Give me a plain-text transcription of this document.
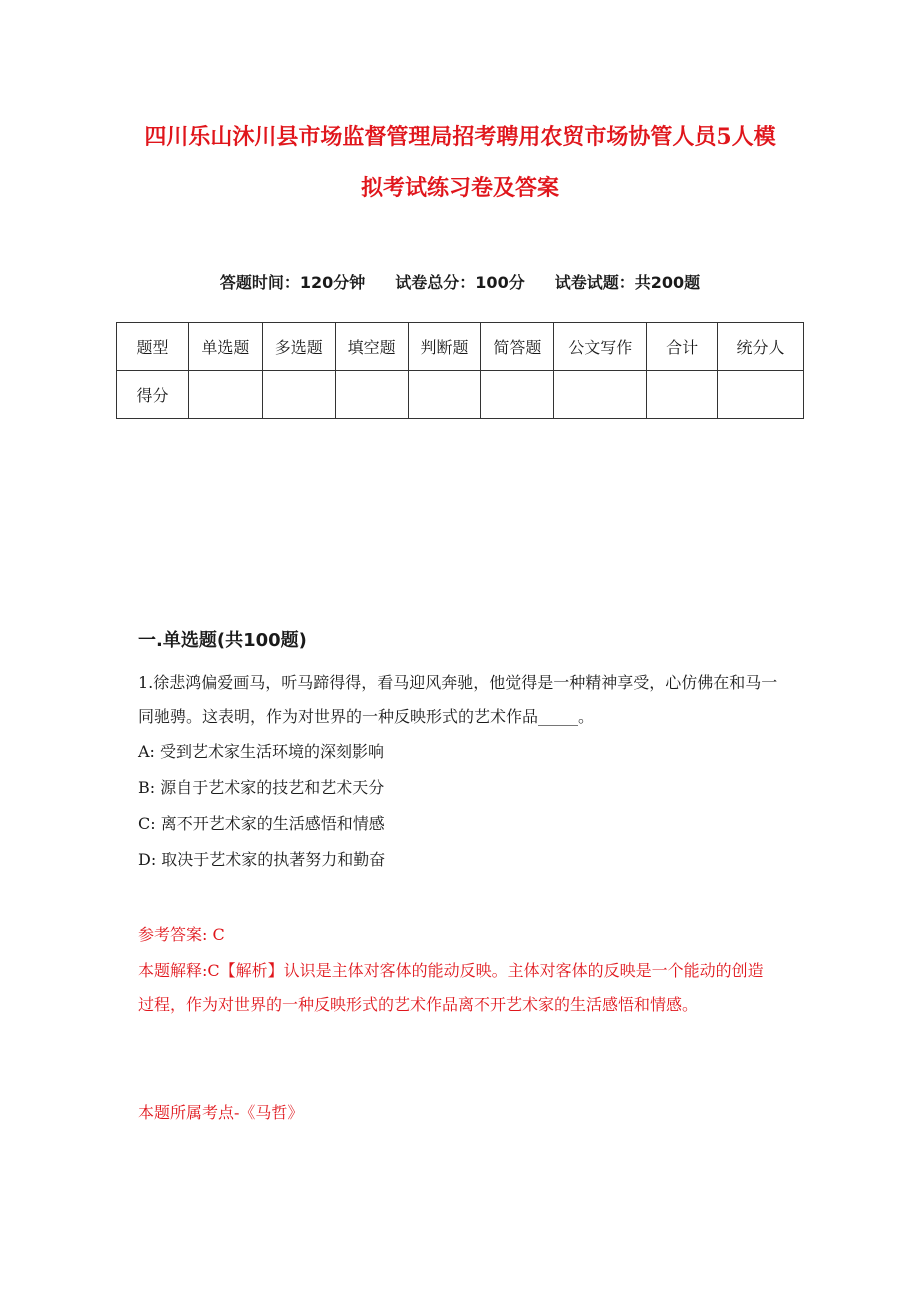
四川乐山沐川县市场监督管理局招考聘用农贸市场协管人员5人模
拟考试练习卷及答案
答题时间：120分钟 试卷总分：100分 试卷试题：共200题
题型	单选题	多选题	填空题	判断题	简答题	公文写作	合计	统分人
得分								
一.单选题(共100题)

1.徐悲鸿偏爱画马，听马蹄得得，看马迎风奔驰，他觉得是一种精神享受，心仿佛在和马一同驰骋。这表明，作为对世界的一种反映形式的艺术作品_____。

A: 受到艺术家生活环境的深刻影响

B: 源自于艺术家的技艺和艺术天分

C: 离不开艺术家的生活感悟和情感

D: 取决于艺术家的执著努力和勤奋

参考答案: C

本题解释:C【解析】认识是主体对客体的能动反映。主体对客体的反映是一个能动的创造过程，作为对世界的一种反映形式的艺术作品离不开艺术家的生活感悟和情感。

本题所属考点-《马哲》
